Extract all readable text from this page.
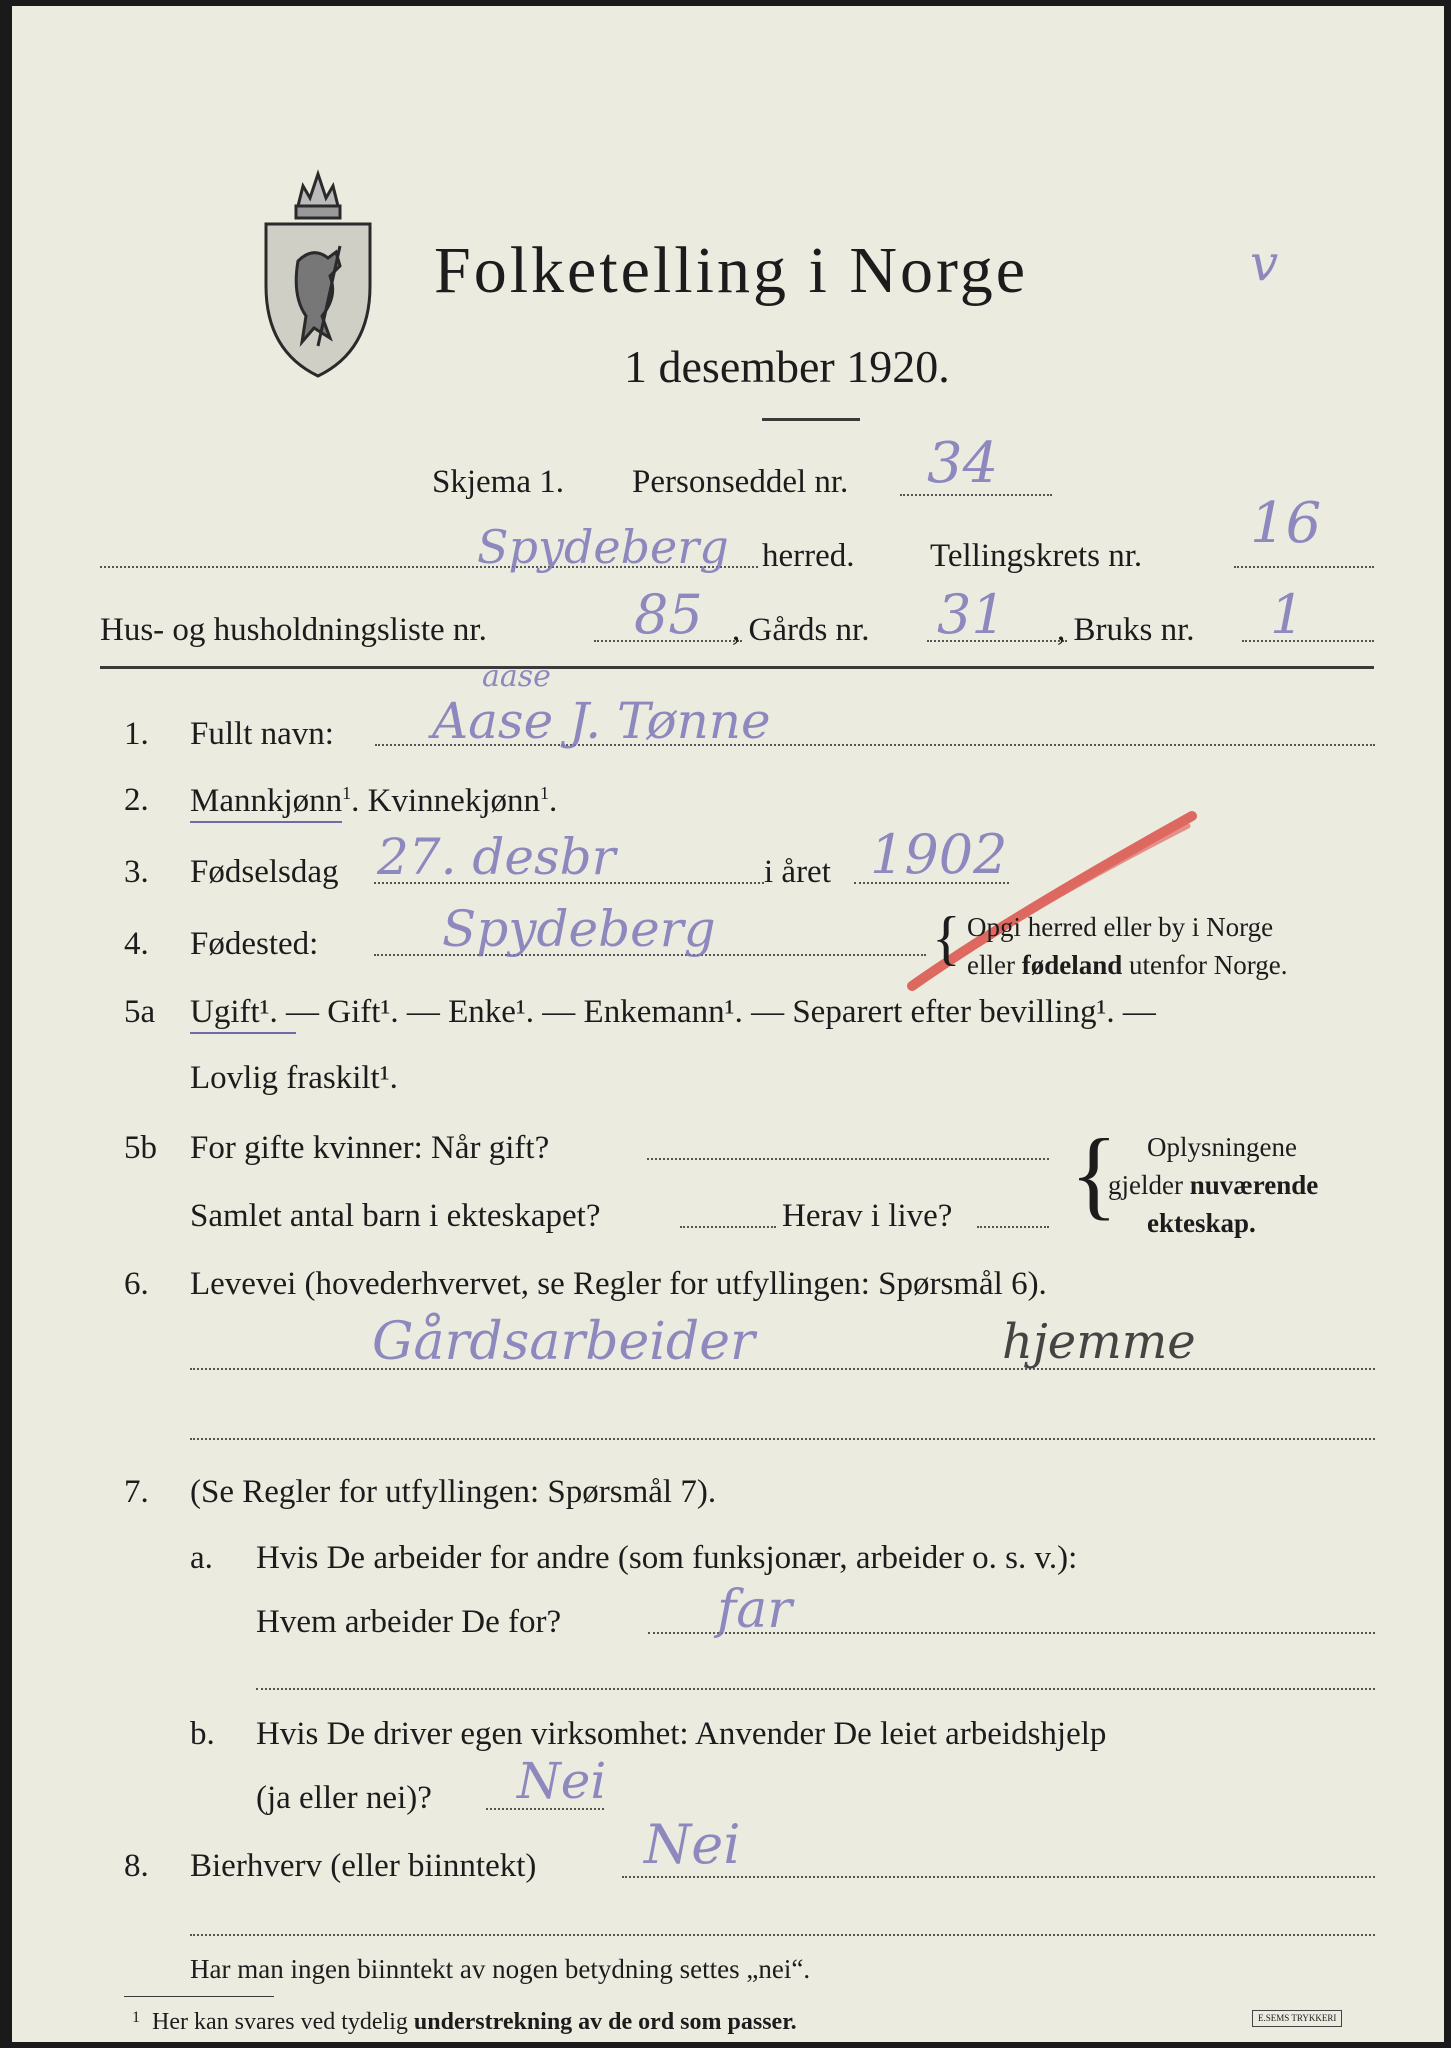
Folketelling i Norge	v
1 desember 1920.
Skjema 1. Personseddel nr. 34
Spydeberg herred. Tellingskrets nr. 16
Hus- og husholdningsliste nr.	85 , Gårds nr. 31 , Bruks nr. 1
1. Fullt navn: Aase J. Tønne
aase
2. Mannkjønn$^1$. Kvinnekjønn$^1$.
3. Fødselsdag 27. desbr	i året 1902
4. Fødested: Spydeberg	{ Opgi herred eller by i Norge
eller fødeland utenfor Norge.
5a Ugift¹. — Gift¹. — Enke¹. — Enkemann¹. — Separert efter bevilling¹. —
Lovlig fraskilt¹.
5b For gifte kvinner: Når gift?
Samlet antal barn i ekteskapet?	Herav i live? { Oplysningene
gjelder nuværende
ekteskap.
6. Levevei (hovederhvervet, se Regler for utfyllingen: Spørsmål 6).
Gårdsarbeider	hjemme
7. (Se Regler for utfyllingen: Spørsmål 7).
a. Hvis De arbeider for andre (som funksjonær, arbeider o. s. v.):
Hvem arbeider De for?	far
b. Hvis De driver egen virksomhet: Anvender De leiet arbeidshjelp
(ja eller nei)? Nei
8. Bierhverv (eller biinntekt) Nei
Har man ingen biinntekt av nogen betydning settes „nei“.
$^1$ Her kan svares ved tydelig understrekning av de ord som passer.	E.SEMS TRYKKERI
